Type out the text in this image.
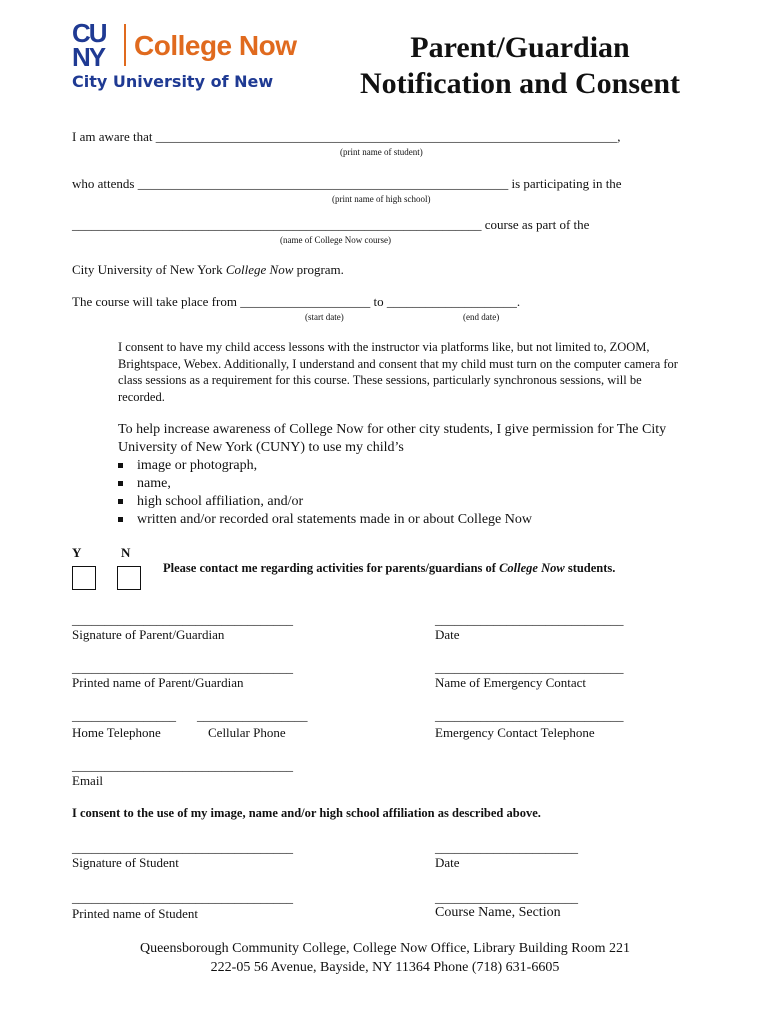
CU
NY College Now
City University of New
Parent/Guardian
Notification and Consent
I am aware that _______________________________________________________________________,
(print name of student)
who attends _________________________________________________________ is participating in the
(print name of high school)
_______________________________________________________________ course as part of the
(name of College Now course)
City University of New York College Now program.
The course will take place from ____________________ to ____________________.
(start date)	(end date)
I consent to have my child access lessons with the instructor via platforms like, but not limited to, ZOOM, Brightspace, Webex. Additionally, I understand and consent that my child must turn on the computer camera for class sessions as a requirement for this course. These sessions, particularly synchronous sessions, will be recorded.
To help increase awareness of College Now for other city students, I give permission for The City University of New York (CUNY) to use my child’s
image or photograph,
name,
high school affiliation, and/or
written and/or recorded oral statements made in or about College Now
Y	N
Please contact me regarding activities for parents/guardians of College Now students.
__________________________________
Signature of Parent/Guardian
_____________________________
Date
__________________________________
Printed name of Parent/Guardian
_____________________________
Name of Emergency Contact
________________ _________________
Home Telephone	Cellular Phone
_____________________________
Emergency Contact Telephone
__________________________________
Email
I consent to the use of my image, name and/or high school affiliation as described above.
__________________________________
Signature of Student
______________________
Date
__________________________________
Printed name of Student
______________________
Course Name, Section
Queensborough Community College, College Now Office, Library Building Room 221
222-05 56 Avenue, Bayside, NY 11364 Phone (718) 631-6605
